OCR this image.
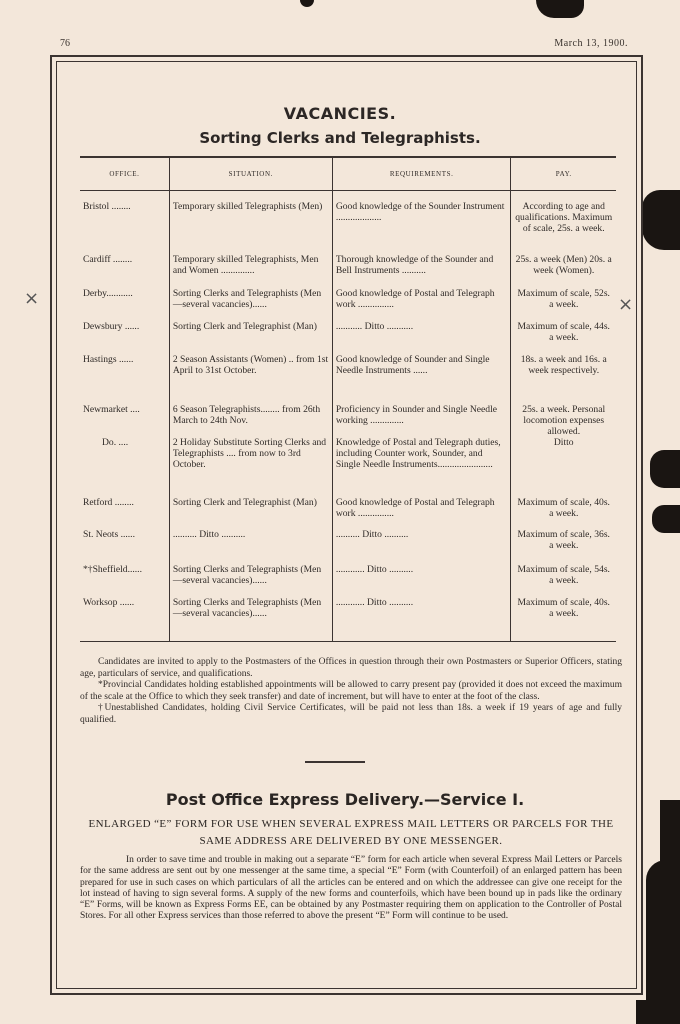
76	March 13, 1900.
VACANCIES.
Sorting Clerks and Telegraphists.
OFFICE.	SITUATION.	REQUIREMENTS.	PAY.

Bristol ........	Temporary skilled Telegraphists (Men)	Good knowledge of the Sounder Instrument ...................	According to age and qualifications. Maximum of scale, 25s. a week.
Cardiff ........	Temporary skilled Telegraphists, Men and Women ..............	Thorough knowledge of the Sounder and Bell Instruments ..........	25s. a week (Men) 20s. a week (Women).
Derby...........	Sorting Clerks and Telegraphists (Men—several vacancies)......	Good knowledge of Postal and Telegraph work ...............	Maximum of scale, 52s. a week.
Dewsbury ......	Sorting Clerk and Telegraphist (Man)	........... Ditto ...........	Maximum of scale, 44s. a week.
Hastings ......	2 Season Assistants (Women) .. from 1st April to 31st October.	Good knowledge of Sounder and Single Needle Instruments ......	18s. a week and 16s. a week respectively.
Newmarket ....	6 Season Telegraphists........ from 26th March to 24th Nov.	Proficiency in Sounder and Single Needle working ..............	25s. a week. Personal locomotion expenses allowed.
Do. ....	2 Holiday Substitute Sorting Clerks and Telegraphists .... from now to 3rd October.	Knowledge of Postal and Telegraph duties, including Counter work, Sounder, and Single Needle Instruments.......................	Ditto
Retford ........	Sorting Clerk and Telegraphist (Man)	Good knowledge of Postal and Telegraph work ...............	Maximum of scale, 40s. a week.
St. Neots ......	.......... Ditto ..........	.......... Ditto ..........	Maximum of scale, 36s. a week.
*†Sheffield......	Sorting Clerks and Telegraphists (Men—several vacancies)......	............ Ditto ..........	Maximum of scale, 54s. a week.
Worksop ......	Sorting Clerks and Telegraphists (Men—several vacancies)......	............ Ditto ..........	Maximum of scale, 40s. a week.

Candidates are invited to apply to the Postmasters of the Offices in question through their own Postmasters or Superior Officers, stating age, particulars of service, and qualifications.

*Provincial Candidates holding established appointments will be allowed to carry present pay (provided it does not exceed the maximum of the scale at the Office to which they seek transfer) and date of increment, but will have to enter at the foot of the class.

†Unestablished Candidates, holding Civil Service Certificates, will be paid not less than 18s. a week if 19 years of age and fully qualified.

Post Office Express Delivery.—Service I.
ENLARGED “E” FORM FOR USE WHEN SEVERAL EXPRESS MAIL LETTERS OR PARCELS FOR THE SAME ADDRESS ARE DELIVERED BY ONE MESSENGER.

In order to save time and trouble in making out a separate “E” form for each article when several Express Mail Letters or Parcels for the same address are sent out by one messenger at the same time, a special “E” Form (with Counterfoil) of an enlarged pattern has been prepared for use in such cases on which particulars of all the articles can be entered and on which the addressee can give one receipt for the lot instead of having to sign several forms. A supply of the new forms and counterfoils, which have been bound up in pads like the ordinary “E” Forms, will be known as Express Forms EE, can be obtained by any Postmaster requiring them on application to the Controller of Postal Stores. For all other Express services than those referred to above the present “E” Form will continue to be used.

×	×
